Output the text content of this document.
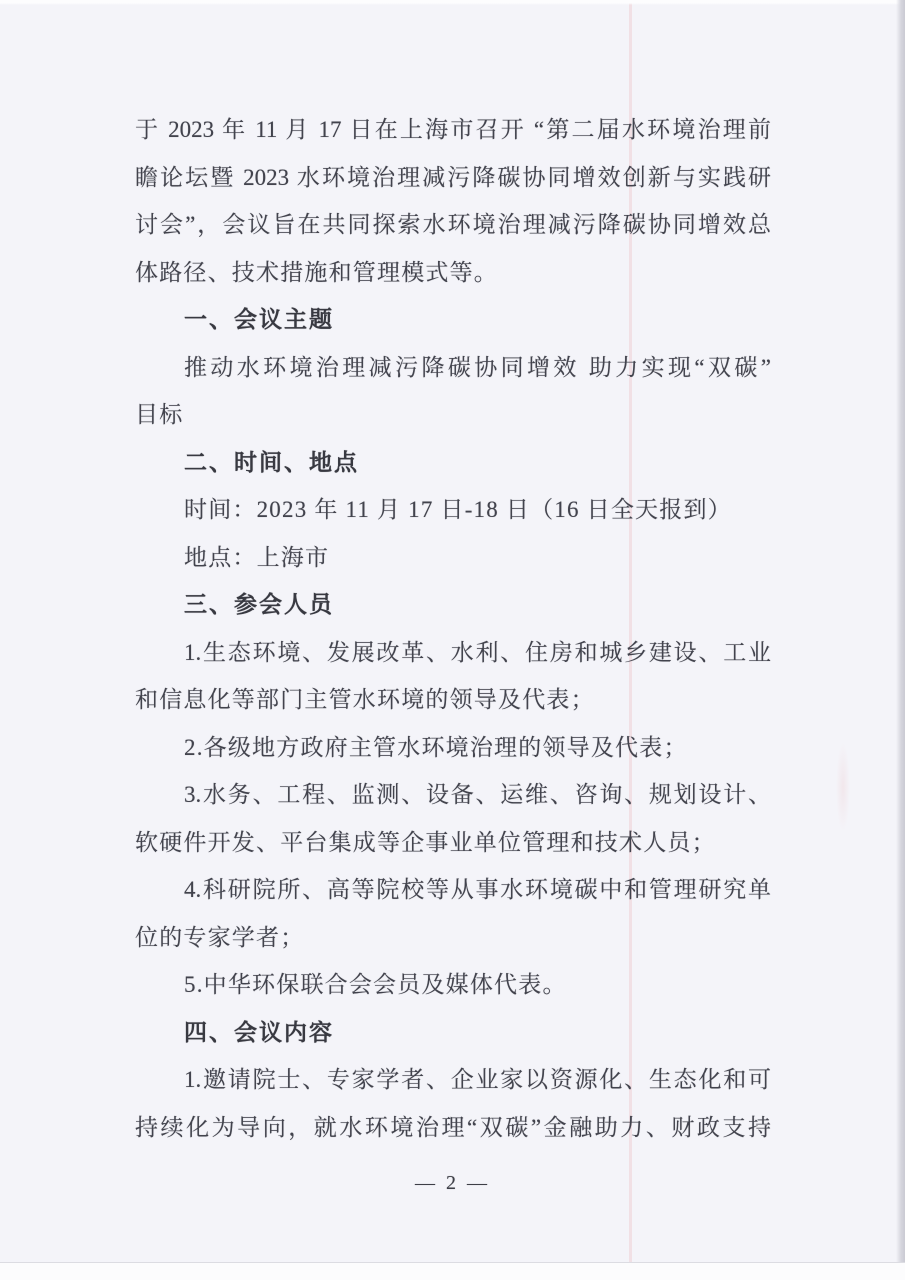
于 2023 年 11 月 17 日在上海市召开 “第二届水环境治理前
瞻论坛暨 2023 水环境治理减污降碳协同增效创新与实践研
讨会”，会议旨在共同探索水环境治理减污降碳协同增效总
体路径、技术措施和管理模式等。
一、会议主题
推动水环境治理减污降碳协同增效 助力实现“双碳”
目标
二、时间、地点
时间：2023 年 11 月 17 日-18 日（16 日全天报到）
地点：上海市
三、参会人员
1.生态环境、发展改革、水利、住房和城乡建设、工业
和信息化等部门主管水环境的领导及代表；
2.各级地方政府主管水环境治理的领导及代表；
3.水务、工程、监测、设备、运维、咨询、规划设计、
软硬件开发、平台集成等企事业单位管理和技术人员；
4.科研院所、高等院校等从事水环境碳中和管理研究单
位的专家学者；
5.中华环保联合会会员及媒体代表。
四、会议内容
1.邀请院士、专家学者、企业家以资源化、生态化和可
持续化为导向，就水环境治理“双碳”金融助力、财政支持
— 2 —
